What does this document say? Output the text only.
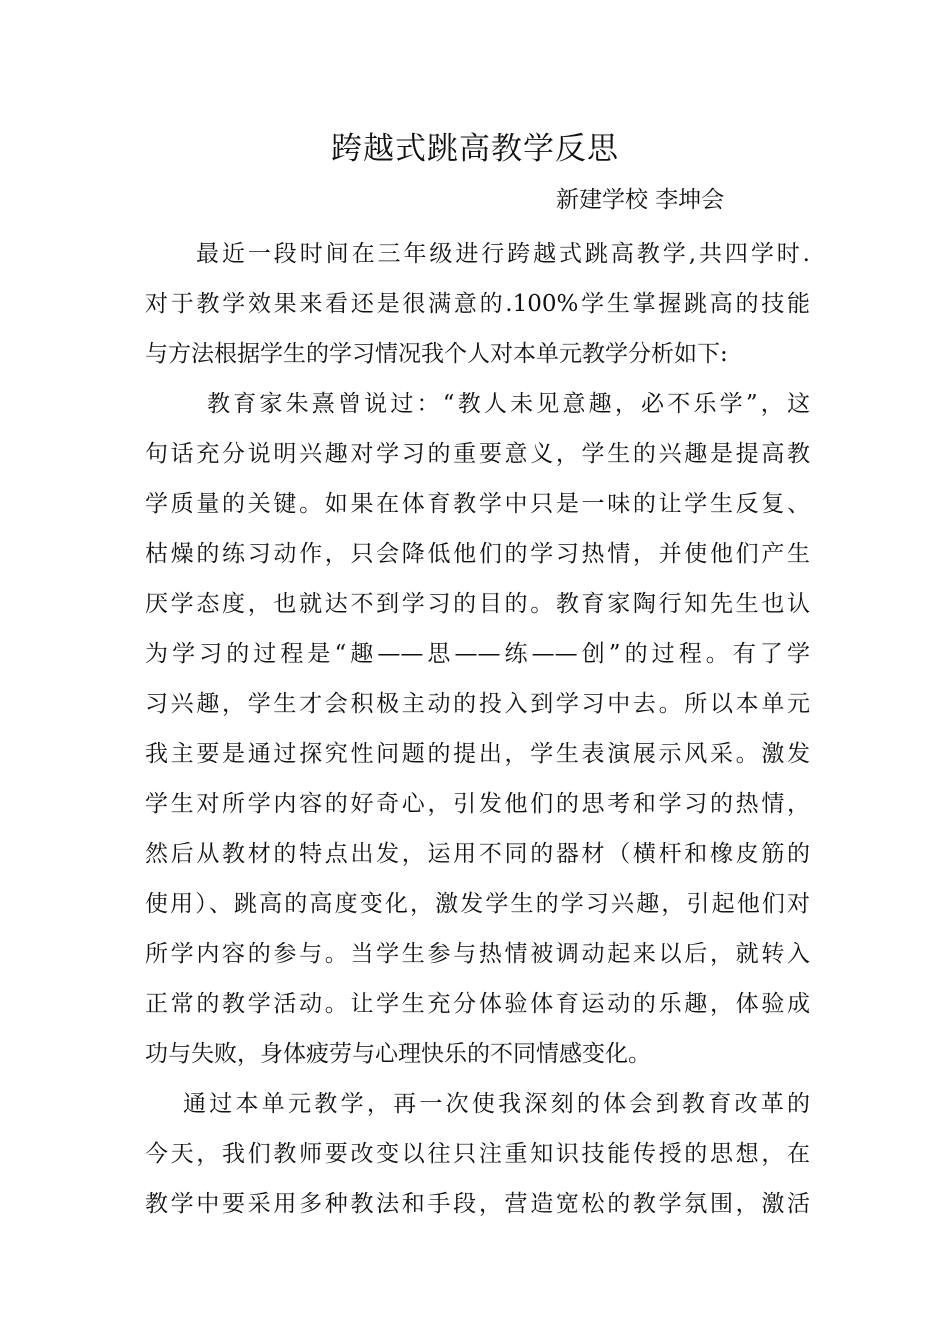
跨越式跳高教学反思
新建学校 李坤会
最近一段时间在三年级进行跨越式跳高教学,共四学时.
对于教学效果来看还是很满意的.100%学生掌握跳高的技能
与方法根据学生的学习情况我个人对本单元教学分析如下:
教育家朱熹曾说过：“教人未见意趣，必不乐学”，这
句话充分说明兴趣对学习的重要意义，学生的兴趣是提高教
学质量的关键。如果在体育教学中只是一味的让学生反复、
枯燥的练习动作，只会降低他们的学习热情，并使他们产生
厌学态度，也就达不到学习的目的。教育家陶行知先生也认
为学习的过程是“趣——思——练——创”的过程。有了学
习兴趣，学生才会积极主动的投入到学习中去。所以本单元
我主要是通过探究性问题的提出，学生表演展示风采。激发
学生对所学内容的好奇心，引发他们的思考和学习的热情，
然后从教材的特点出发，运用不同的器材（横杆和橡皮筋的
使用）、跳高的高度变化，激发学生的学习兴趣，引起他们对
所学内容的参与。当学生参与热情被调动起来以后，就转入
正常的教学活动。让学生充分体验体育运动的乐趣，体验成
功与失败，身体疲劳与心理快乐的不同情感变化。
通过本单元教学，再一次使我深刻的体会到教育改革的
今天，我们教师要改变以往只注重知识技能传授的思想，在
教学中要采用多种教法和手段，营造宽松的教学氛围，激活
